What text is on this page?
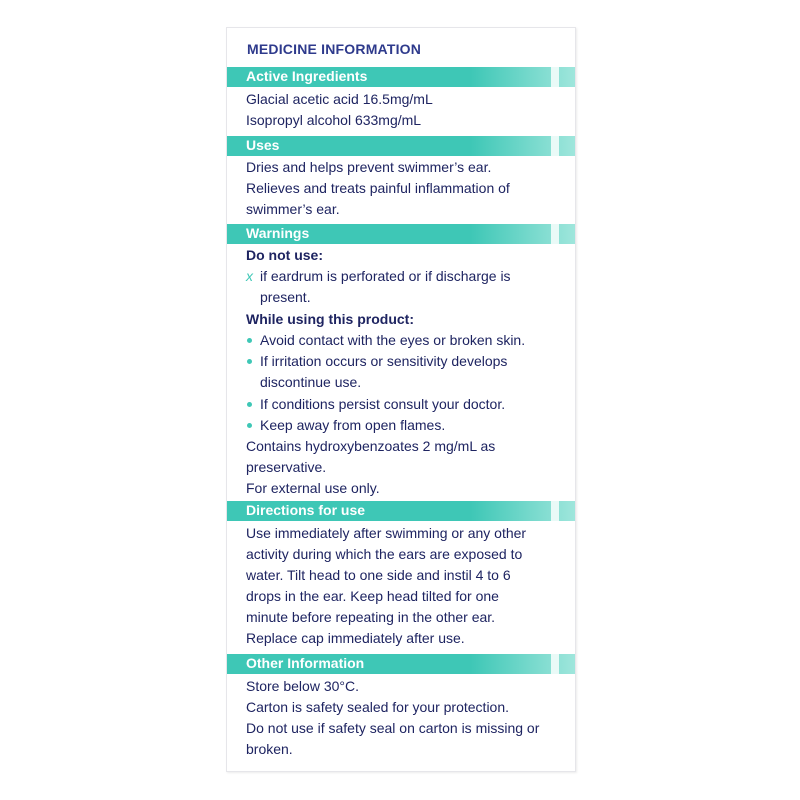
MEDICINE INFORMATION
Active Ingredients
Glacial acetic acid 16.5mg/mL
Isopropyl alcohol 633mg/mL
Uses
Dries and helps prevent swimmer’s ear.
Relieves and treats painful inflammation of
swimmer’s ear.
Warnings
Do not use:
x if eardrum is perforated or if discharge is
present.
While using this product:
Avoid contact with the eyes or broken skin.
If irritation occurs or sensitivity develops
discontinue use.
If conditions persist consult your doctor.
Keep away from open flames.
Contains hydroxybenzoates 2 mg/mL as
preservative.
For external use only.
Directions for use
Use immediately after swimming or any other
activity during which the ears are exposed to
water. Tilt head to one side and instil 4 to 6
drops in the ear. Keep head tilted for one
minute before repeating in the other ear.
Replace cap immediately after use.
Other Information
Store below 30°C.
Carton is safety sealed for your protection.
Do not use if safety seal on carton is missing or
broken.
